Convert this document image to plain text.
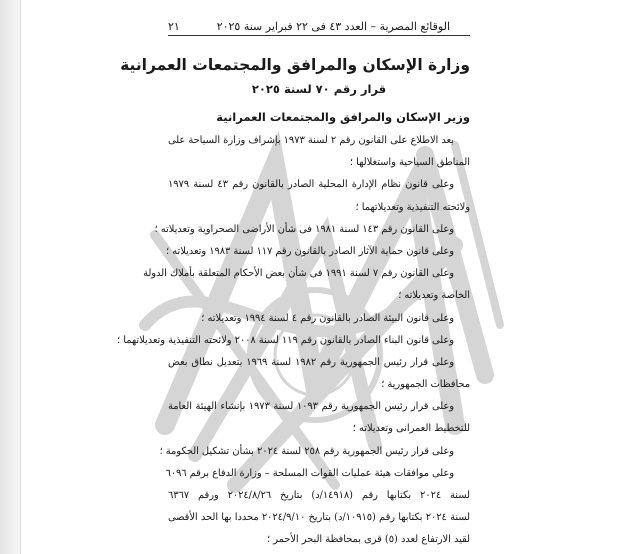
الوقائع المصرية – العدد ٤٣ فى ٢٢ فبراير سنة ٢٠٢٥
٢١
وزارة الإسكان والمرافق والمجتمعات العمرانية
قرار رقم ٧٠ لسنة ٢٠٢٥
وزير الإسكان والمرافق والمجتمعات العمرانية
بعد الاطلاع على القانون رقم ٢ لسنة ١٩٧٣ بإشراف وزارة السياحة على
المناطق السياحية واستغلالها ؛
وعلى قانون نظام الإدارة المحلية الصادر بالقانون رقم ٤٣ لسنة ١٩٧٩
ولائحته التنفيذية وتعديلاتهما ؛
وعلى القانون رقم ١٤٣ لسنة ١٩٨١ فى شأن الأراضى الصحراوية وتعديلاته ؛
وعلى قانون حماية الآثار الصادر بالقانون رقم ١١٧ لسنة ١٩٨٣ وتعديلاته ؛
وعلى القانون رقم ٧ لسنة ١٩٩١ فى شأن بعض الأحكام المتعلقة بأملاك الدولة
الخاصة وتعديلاته ؛
وعلى قانون البيئة الصادر بالقانون رقم ٤ لسنة ١٩٩٤ وتعديلاته ؛
وعلى قانون البناء الصادر بالقانون رقم ١١٩ لسنة ٢٠٠٨ ولائحته التنفيذية وتعديلاتهما ؛
وعلى قرار رئيس الجمهورية رقم ١٩٨٢ لسنة ١٩٦٩ بتعديل نطاق بعض
محافظات الجمهورية ؛
وعلى قرار رئيس الجمهورية رقم ١٠٩٣ لسنة ١٩٧٣ بإنشاء الهيئة العامة
للتخطيط العمرانى وتعديلاته ؛
وعلى قرار رئيس الجمهورية رقم ٢٥٨ لسنة ٢٠٢٤ بشأن تشكيل الحكومة ؛
وعلى موافقات هيئة عمليات القوات المسلحة – وزارة الدفاع برقم ٦٠٩٦
لسنة ٢٠٢٤ بكتابها رقم (١٤٩١٨/د) بتاريخ ٢٠٢٤/٨/٢٦ ورقم ٦٣٦٧
لسنة ٢٠٢٤ بكتابها رقم (١٠٩١٥/د) بتاريخ ٢٠٢٤/٩/١٠ محددا بها الحد الأقصى
لقيد الارتفاع لعدد (٥) قرى بمحافظة البحر الأحمر ؛
